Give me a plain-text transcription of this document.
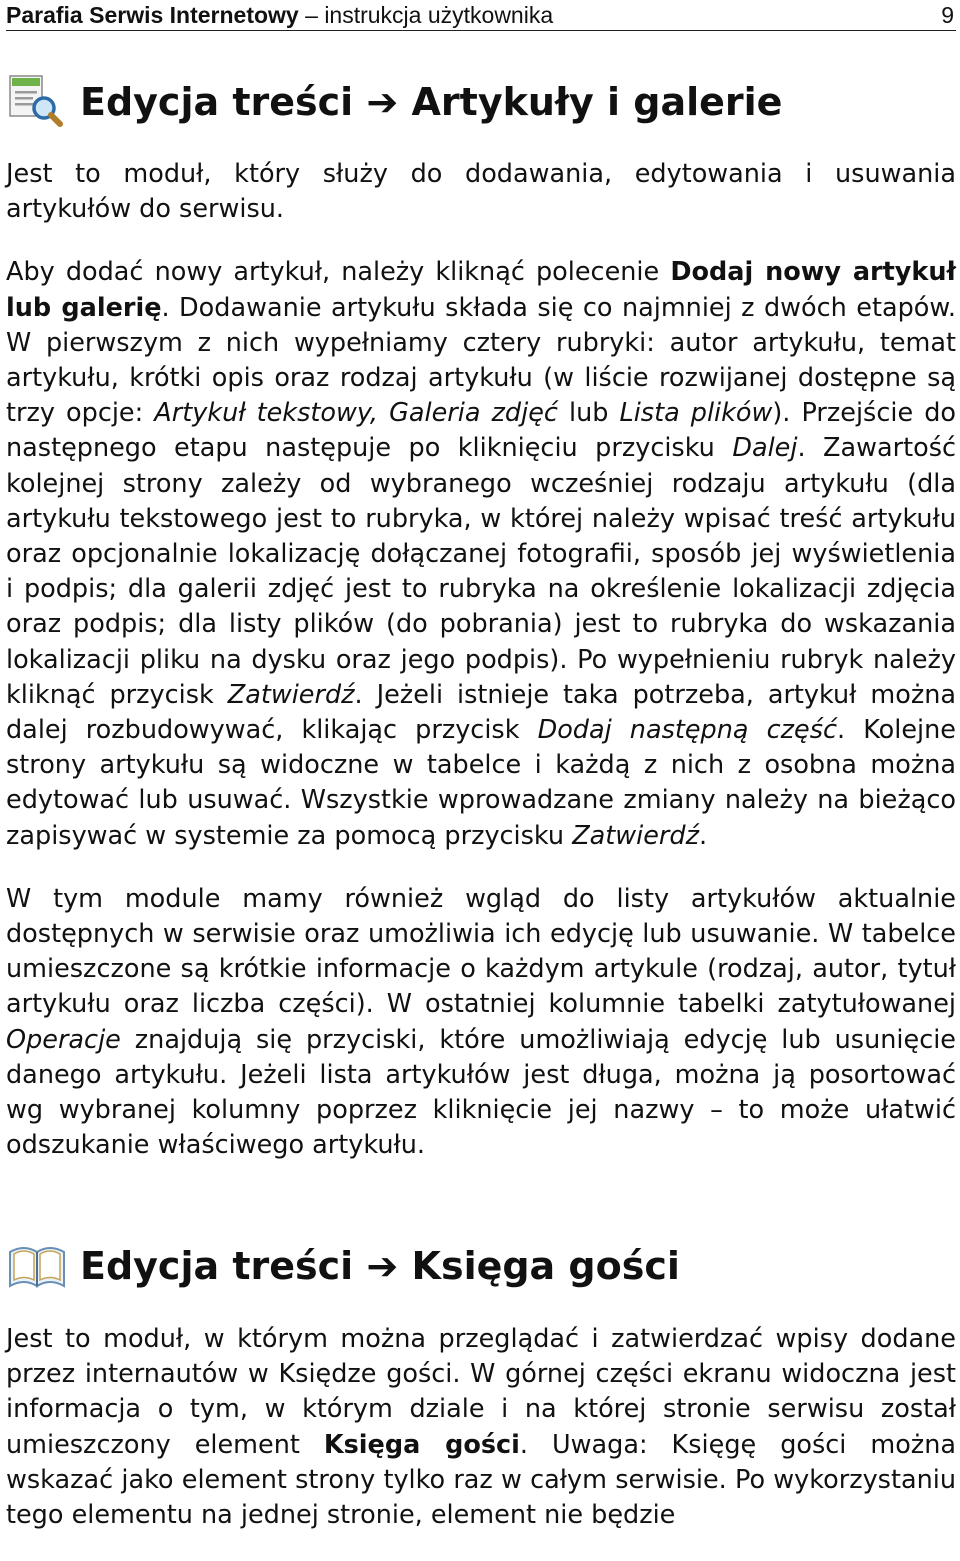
Parafia Serwis Internetowy – instrukcja użytkownika	9
Edycja treści ➔ Artykuły i galerie

Jest to moduł, który służy do dodawania, edytowania i usuwania artykułów do serwisu.

Aby dodać nowy artykuł, należy kliknąć polecenie Dodaj nowy artykuł lub galerię. Dodawanie artykułu składa się co najmniej z dwóch etapów. W pierwszym z nich wypełniamy cztery rubryki: autor artykułu, temat artykułu, krótki opis oraz rodzaj artykułu (w liście rozwijanej dostępne są trzy opcje: Artykuł tekstowy, Galeria zdjęć lub Lista plików). Przejście do następnego etapu następuje po kliknięciu przycisku Dalej. Zawartość kolejnej strony zależy od wybranego wcześniej rodzaju artykułu (dla artykułu tekstowego jest to rubryka, w której należy wpisać treść artykułu oraz opcjonalnie lokalizację dołączanej fotografii, sposób jej wyświetlenia i podpis; dla galerii zdjęć jest to rubryka na określenie lokalizacji zdjęcia oraz podpis; dla listy plików (do pobrania) jest to rubryka do wskazania lokalizacji pliku na dysku oraz jego podpis). Po wypełnieniu rubryk należy kliknąć przycisk Zatwierdź. Jeżeli istnieje taka potrzeba, artykuł można dalej rozbudowywać, klikając przycisk Dodaj następną część. Kolejne strony artykułu są widoczne w tabelce i każdą z nich z osobna można edytować lub usuwać. Wszystkie wprowadzane zmiany należy na bieżąco zapisywać w systemie za pomocą przycisku Zatwierdź.

W tym module mamy również wgląd do listy artykułów aktualnie dostępnych w serwisie oraz umożliwia ich edycję lub usuwanie. W tabelce umieszczone są krótkie informacje o każdym artykule (rodzaj, autor, tytuł artykułu oraz liczba części). W ostatniej kolumnie tabelki zatytułowanej Operacje znajdują się przyciski, które umożliwiają edycję lub usunięcie danego artykułu. Jeżeli lista artykułów jest długa, można ją posortować wg wybranej kolumny poprzez kliknięcie jej nazwy – to może ułatwić odszukanie właściwego artykułu.

Edycja treści ➔ Księga gości

Jest to moduł, w którym można przeglądać i zatwierdzać wpisy dodane przez internautów w Księdze gości. W górnej części ekranu widoczna jest informacja o tym, w którym dziale i na której stronie serwisu został umieszczony element Księga gości. Uwaga: Księgę gości można wskazać jako element strony tylko raz w całym serwisie. Po wykorzystaniu tego elementu na jednej stronie, element nie będzie
